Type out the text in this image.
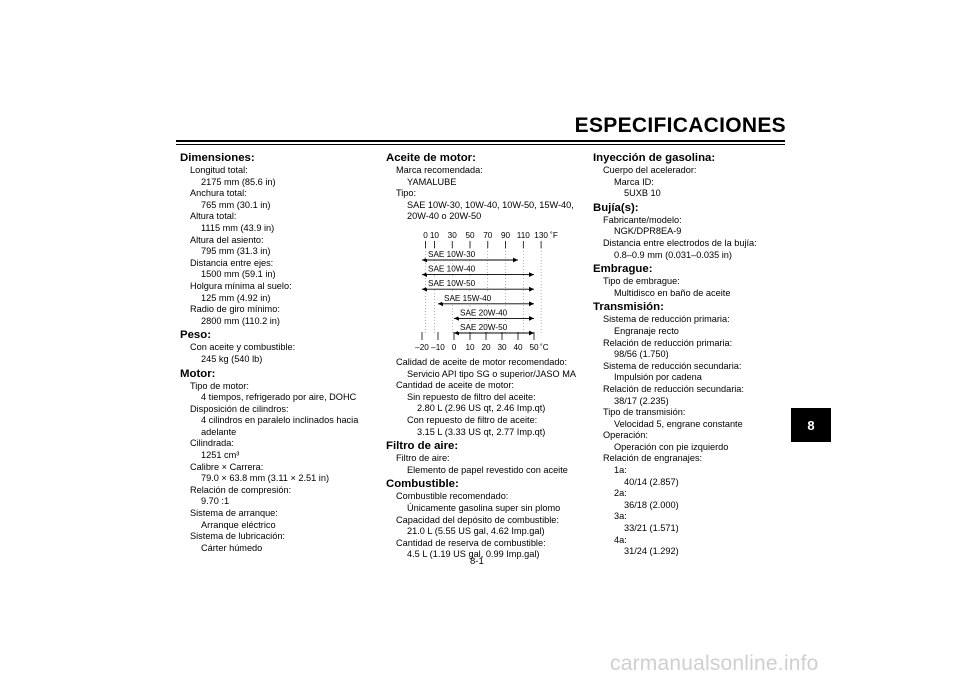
ESPECIFICACIONES
Dimensiones:
Longitud total:
2175 mm (85.6 in)
Anchura total:
765 mm (30.1 in)
Altura total:
1115 mm (43.9 in)
Altura del asiento:
795 mm (31.3 in)
Distancia entre ejes:
1500 mm (59.1 in)
Holgura mínima al suelo:
125 mm (4.92 in)
Radio de giro mínimo:
2800 mm (110.2 in)
Peso:
Con aceite y combustible:
245 kg (540 lb)
Motor:
Tipo de motor:
4 tiempos, refrigerado por aire, DOHC
Disposición de cilindros:
4 cilindros en paralelo inclinados hacia
adelante
Cilindrada:
1251 cm³
Calibre × Carrera:
79.0 × 63.8 mm (3.11 × 2.51 in)
Relación de compresión:
9.70 :1
Sistema de arranque:
Arranque eléctrico
Sistema de lubricación:
Cárter húmedo
Aceite de motor:
Marca recomendada:
YAMALUBE
Tipo:
SAE 10W-30, 10W-40, 10W-50, 15W-40,
20W-40 o 20W-50
0 10 30 50 70 90 110 130 ˚F
–20 –10 0 10 20 30 40 50 ˚C
SAE 10W-30
SAE 10W-40
SAE 10W-50
SAE 15W-40
SAE 20W-40
SAE 20W-50
Calidad de aceite de motor recomendado:
Servicio API tipo SG o superior/JASO MA
Cantidad de aceite de motor:
Sin repuesto de filtro del aceite:
2.80 L (2.96 US qt, 2.46 Imp.qt)
Con repuesto de filtro de aceite:
3.15 L (3.33 US qt, 2.77 Imp.qt)
Filtro de aire:
Filtro de aire:
Elemento de papel revestido con aceite
Combustible:
Combustible recomendado:
Únicamente gasolina super sin plomo
Capacidad del depósito de combustible:
21.0 L (5.55 US gal, 4.62 Imp.gal)
Cantidad de reserva de combustible:
4.5 L (1.19 US gal, 0.99 Imp.gal)
Inyección de gasolina:
Cuerpo del acelerador:
Marca ID:
5UXB 10
Bujía(s):
Fabricante/modelo:
NGK/DPR8EA-9
Distancia entre electrodos de la bujía:
0.8–0.9 mm (0.031–0.035 in)
Embrague:
Tipo de embrague:
Multidisco en baño de aceite
Transmisión:
Sistema de reducción primaria:
Engranaje recto
Relación de reducción primaria:
98/56 (1.750)
Sistema de reducción secundaria:
Impulsión por cadena
Relación de reducción secundaria:
38/17 (2.235)
Tipo de transmisión:
Velocidad 5, engrane constante
Operación:
Operación con pie izquierdo
Relación de engranajes:
1a:
40/14 (2.857)
2a:
36/18 (2.000)
3a:
33/21 (1.571)
4a:
31/24 (1.292)
8
8-1
carmanualsonline.info
